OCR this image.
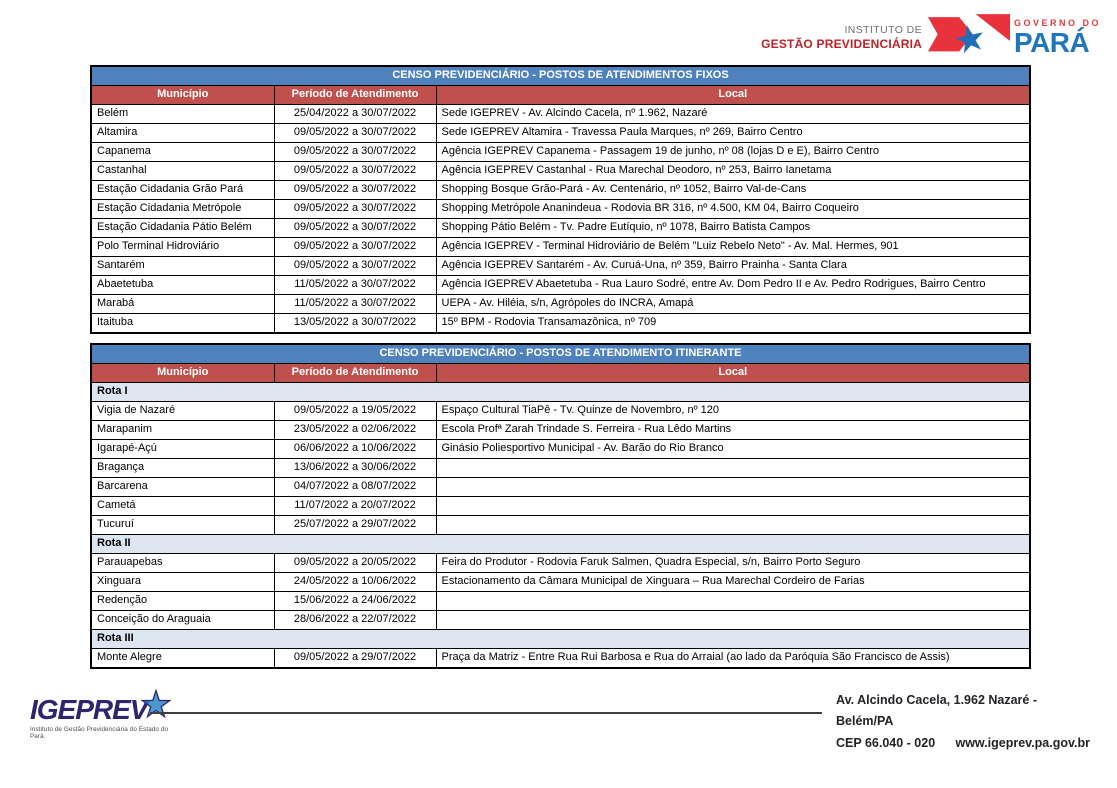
INSTITUTO DE
GESTÃO PREVIDENCIÁRIA
GOVERNO DO
PARÁ
CENSO PREVIDENCIÁRIO - POSTOS DE ATENDIMENTOS FIXOS		
Município	Período de Atendimento	Local
Belém	25/04/2022 a 30/07/2022	Sede IGEPREV - Av. Alcindo Cacela, nº 1.962, Nazaré
Altamira	09/05/2022 a 30/07/2022	Sede IGEPREV Altamira - Travessa Paula Marques, nº 269, Bairro Centro
Capanema	09/05/2022 a 30/07/2022	Agência IGEPREV Capanema - Passagem 19 de junho, nº 08 (lojas D e E), Bairro Centro
Castanhal	09/05/2022 a 30/07/2022	Agência IGEPREV Castanhal - Rua Marechal Deodoro, nº 253, Bairro Ianetama
Estação Cidadania Grão Pará	09/05/2022 a 30/07/2022	Shopping Bosque Grão-Pará - Av. Centenário, nº 1052, Bairro Val-de-Cans
Estação Cidadania Metrópole	09/05/2022 a 30/07/2022	Shopping Metrópole Ananindeua - Rodovia BR 316, nº 4.500, KM 04, Bairro Coqueiro
Estação Cidadania Pátio Belém	09/05/2022 a 30/07/2022	Shopping Pátio Belém - Tv. Padre Eutíquio, nº 1078, Bairro Batista Campos
Polo Terminal Hidroviário	09/05/2022 a 30/07/2022	Agência IGEPREV - Terminal Hidroviário de Belém "Luiz Rebelo Neto" - Av. Mal. Hermes, 901
Santarém	09/05/2022 a 30/07/2022	Agência IGEPREV Santarém - Av. Curuá-Una, nº 359, Bairro Prainha - Santa Clara
Abaetetuba	11/05/2022 a 30/07/2022	Agência IGEPREV Abaetetuba - Rua Lauro Sodré, entre Av. Dom Pedro II e Av. Pedro Rodrigues, Bairro Centro
Marabá	11/05/2022 a 30/07/2022	UEPA - Av. Hiléia, s/n, Agrópoles do INCRA, Amapá
Itaituba	13/05/2022 a 30/07/2022	15º BPM - Rodovia Transamazônica, nº 709
CENSO PREVIDENCIÁRIO - POSTOS DE ATENDIMENTO ITINERANTE		
Município	Período de Atendimento	Local
Rota I		
Vigia de Nazaré	09/05/2022 a 19/05/2022	Espaço Cultural TiaPê - Tv. Quinze de Novembro, nº 120
Marapanim	23/05/2022 a 02/06/2022	Escola Profª Zarah Trindade S. Ferreira - Rua Lêdo Martins
Igarapé-Açú	06/06/2022 a 10/06/2022	Ginásio Poliesportivo Municipal - Av. Barão do Rio Branco
Bragança	13/06/2022 a 30/06/2022	
Barcarena	04/07/2022 a 08/07/2022	
Cametá	11/07/2022 a 20/07/2022	
Tucuruí	25/07/2022 a 29/07/2022	
Rota II		
Parauapebas	09/05/2022 a 20/05/2022	Feira do Produtor - Rodovia Faruk Salmen, Quadra Especial, s/n, Bairro Porto Seguro
Xinguara	24/05/2022 a 10/06/2022	Estacionamento da Câmara Municipal de Xinguara – Rua Marechal Cordeiro de Farias
Redenção	15/06/2022 a 24/06/2022	
Conceição do Araguaia	28/06/2022 a 22/07/2022	
Rota III		
Monte Alegre	09/05/2022 a 29/07/2022	Praça da Matriz - Entre Rua Rui Barbosa e Rua do Arraial (ao lado da Paróquia São Francisco de Assis)
IGEPREV
Instituto de Gestão Previdenciária do Estado do Pará.
Av. Alcindo Cacela, 1.962 Nazaré - Belém/PA
CEP 66.040 - 020 www.igeprev.pa.gov.br
